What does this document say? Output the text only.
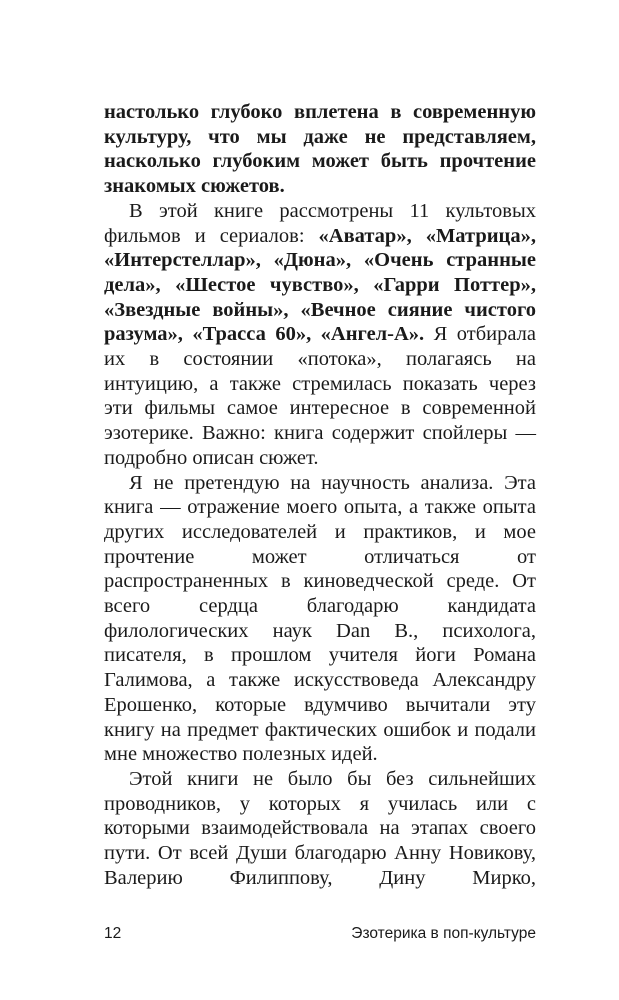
настолько глубоко вплетена в современную культуру, что мы даже не представляем, насколько глубоким может быть прочтение знакомых сюжетов.

В этой книге рассмотрены 11 культовых фильмов и сериалов: «Аватар», «Матрица», «Интерстеллар», «Дюна», «Очень странные дела», «Шестое чувство», «Гарри Поттер», «Звездные войны», «Вечное сияние чистого разума», «Трасса 60», «Ангел-А». Я отбирала их в состоянии «потока», полагаясь на интуицию, а также стремилась показать через эти фильмы самое интересное в современной эзотерике. Важно: книга содержит спойлеры — подробно описан сюжет.

Я не претендую на научность анализа. Эта книга — отражение моего опыта, а также опыта других исследователей и практиков, и мое прочтение может отличаться от распространенных в киноведческой среде. От всего сердца благодарю кандидата филологических наук Dan B., психолога, писателя, в прошлом учителя йоги Романа Галимова, а также искусствоведа Александру Ерошенко, которые вдумчиво вычитали эту книгу на предмет фактических ошибок и подали мне множество полезных идей.

Этой книги не было бы без сильнейших проводников, у которых я училась или с которыми взаимодействовала на этапах своего пути. От всей Души благодарю Анну Новикову, Валерию Филиппову, Дину Мирко,

12	Эзотерика в поп-культуре
